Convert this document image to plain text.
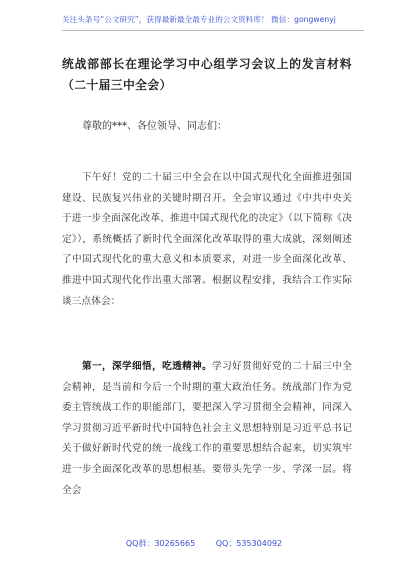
关注头条号“公文研究”，获得最新最全最专业的公文资料库！ 微信：gongwenyj
统战部部长在理论学习中心组学习会议上的发言材料（二十届三中全会）
尊敬的***、各位领导、同志们：
下午好！党的二十届三中全会在以中国式现代化全面推进强国建设、民族复兴伟业的关键时期召开。全会审议通过《中共中央关于进一步全面深化改革、推进中国式现代化的决定》（以下简称《决定》），系统概括了新时代全面深化改革取得的重大成就，深刻阐述了中国式现代化的重大意义和本质要求，对进一步全面深化改革、推进中国式现代化作出重大部署。根据议程安排，我结合工作实际谈三点体会：
第一，深学细悟，吃透精神。学习好贯彻好党的二十届三中全会精神，是当前和今后一个时期的重大政治任务。统战部门作为党委主管统战工作的职能部门，要把深入学习贯彻全会精神，同深入学习贯彻习近平新时代中国特色社会主义思想特别是习近平总书记关于做好新时代党的统一战线工作的重要思想结合起来，切实筑牢进一步全面深化改革的思想根基。要带头先学一步、学深一层。将全会
QQ群：30265665	QQ：535304092
